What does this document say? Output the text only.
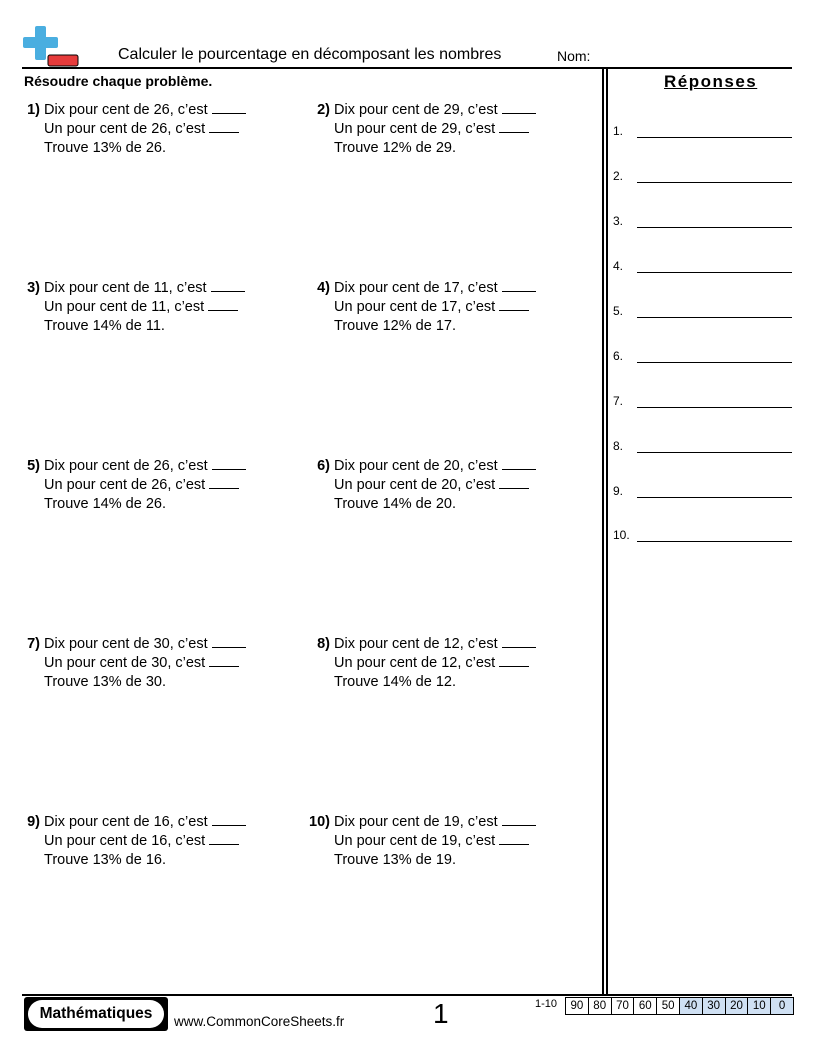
Calculer le pourcentage en décomposant les nombres	Nom:
Résoudre chaque problème.
1) Dix pour cent de 26, c’est
Un pour cent de 26, c’est
Trouve 13% de 26.
2) Dix pour cent de 29, c’est
Un pour cent de 29, c’est
Trouve 12% de 29.
3) Dix pour cent de 11, c’est
Un pour cent de 11, c’est
Trouve 14% de 11.
4) Dix pour cent de 17, c’est
Un pour cent de 17, c’est
Trouve 12% de 17.
5) Dix pour cent de 26, c’est
Un pour cent de 26, c’est
Trouve 14% de 26.
6) Dix pour cent de 20, c’est
Un pour cent de 20, c’est
Trouve 14% de 20.
7) Dix pour cent de 30, c’est
Un pour cent de 30, c’est
Trouve 13% de 30.
8) Dix pour cent de 12, c’est
Un pour cent de 12, c’est
Trouve 14% de 12.
9) Dix pour cent de 16, c’est
Un pour cent de 16, c’est
Trouve 13% de 16.
10) Dix pour cent de 19, c’est
Un pour cent de 19, c’est
Trouve 13% de 19.
Réponses
1.
2.
3.
4.
5.
6.
7.
8.
9.
10.
Mathématiques	www.CommonCoreSheets.fr	1	1-10 90	80	70	60	50	40	30	20	10	0
